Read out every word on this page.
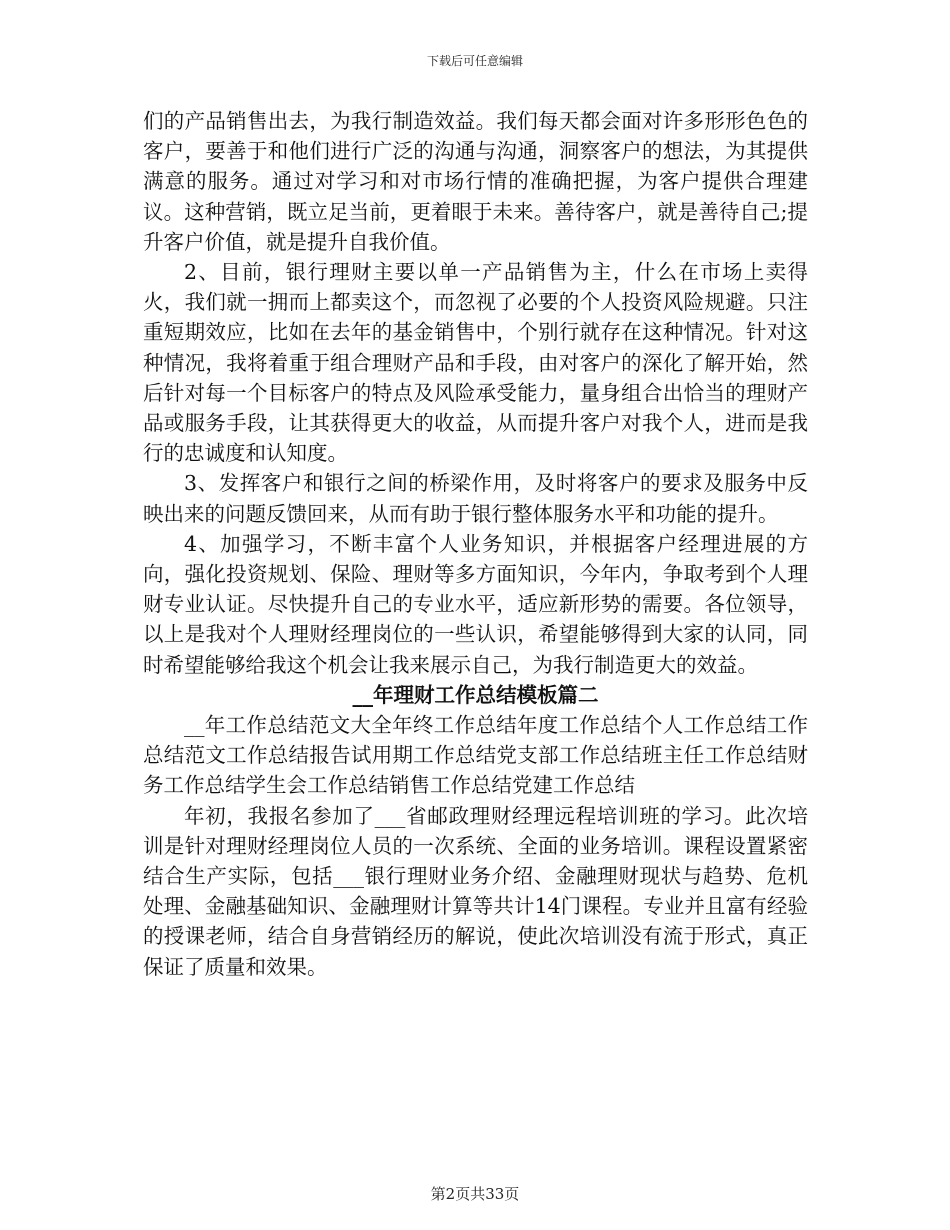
下载后可任意编辑

们的产品销售出去，为我行制造效益。我们每天都会面对许多形形色色的客户，要善于和他们进行广泛的沟通与沟通，洞察客户的想法，为其提供满意的服务。通过对学习和对市场行情的准确把握，为客户提供合理建议。这种营销，既立足当前，更着眼于未来。善待客户，就是善待自己;提升客户价值，就是提升自我价值。

2、目前，银行理财主要以单一产品销售为主，什么在市场上卖得火，我们就一拥而上都卖这个，而忽视了必要的个人投资风险规避。只注重短期效应，比如在去年的基金销售中，个别行就存在这种情况。针对这种情况，我将着重于组合理财产品和手段，由对客户的深化了解开始，然后针对每一个目标客户的特点及风险承受能力，量身组合出恰当的理财产品或服务手段，让其获得更大的收益，从而提升客户对我个人，进而是我行的忠诚度和认知度。

3、发挥客户和银行之间的桥梁作用，及时将客户的要求及服务中反映出来的问题反馈回来，从而有助于银行整体服务水平和功能的提升。

4、加强学习，不断丰富个人业务知识，并根据客户经理进展的方向，强化投资规划、保险、理财等多方面知识，今年内，争取考到个人理财专业认证。尽快提升自己的专业水平，适应新形势的需要。各位领导，以上是我对个人理财经理岗位的一些认识，希望能够得到大家的认同，同时希望能够给我这个机会让我来展示自己，为我行制造更大的效益。

__年理财工作总结模板篇二

__年工作总结范文大全年终工作总结年度工作总结个人工作总结工作总结范文工作总结报告试用期工作总结党支部工作总结班主任工作总结财务工作总结学生会工作总结销售工作总结党建工作总结

年初，我报名参加了___省邮政理财经理远程培训班的学习。此次培训是针对理财经理岗位人员的一次系统、全面的业务培训。课程设置紧密结合生产实际，包括___银行理财业务介绍、金融理财现状与趋势、危机处理、金融基础知识、金融理财计算等共计14门课程。专业并且富有经验的授课老师，结合自身营销经历的解说，使此次培训没有流于形式，真正保证了质量和效果。

第2页共33页
